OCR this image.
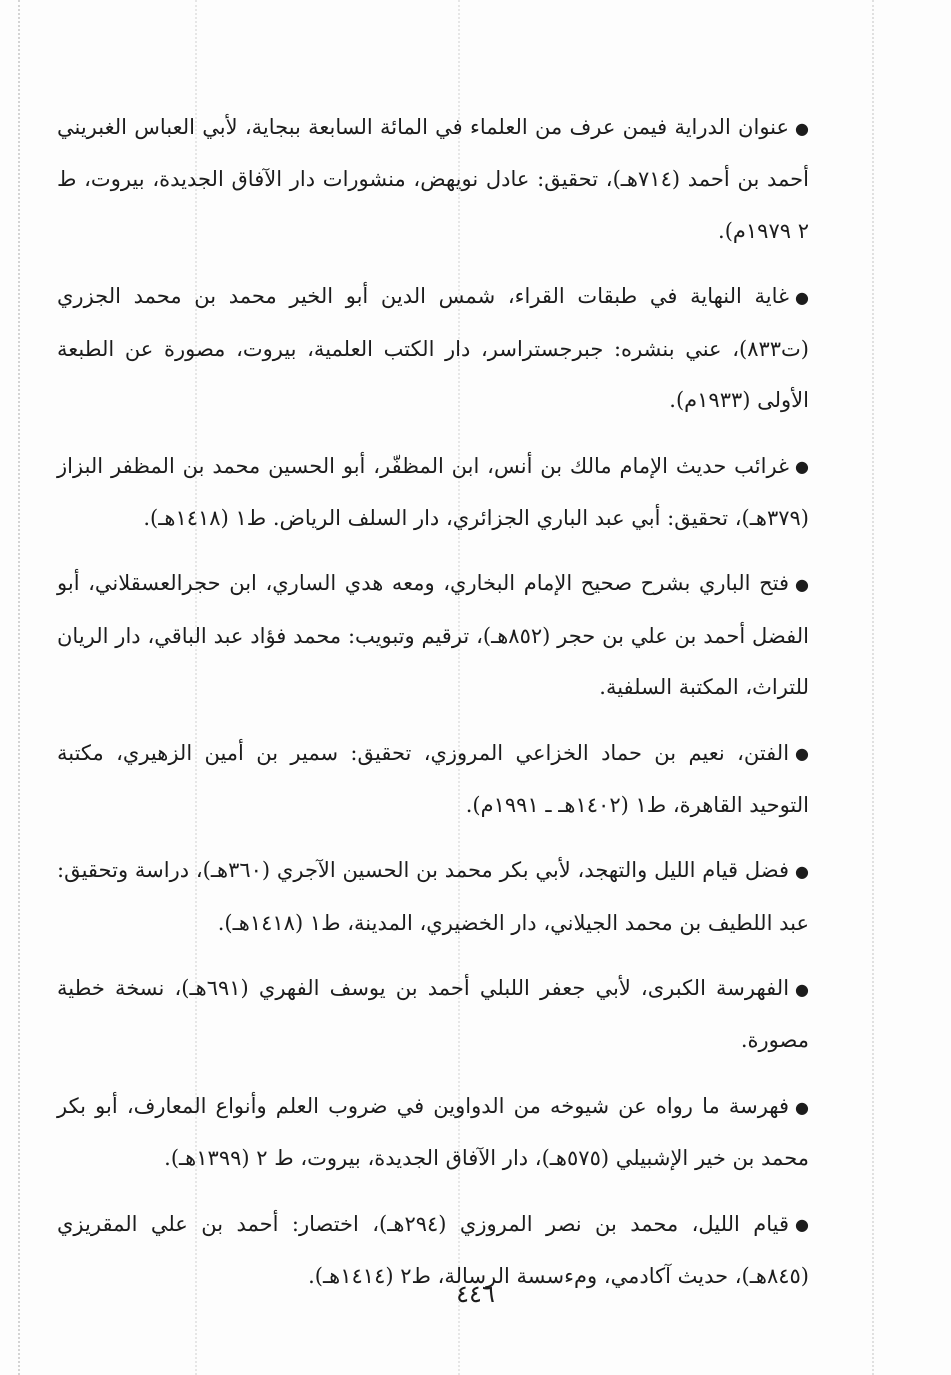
●عنوان الدراية فيمن عرف من العلماء في المائة السابعة ببجاية، لأبي العباس الغبريني أحمد بن أحمد (٧١٤هـ)، تحقيق: عادل نويهض، منشورات دار الآفاق الجديدة، بيروت، ط ٢ ١٩٧٩م).

●غاية النهاية في طبقات القراء، شمس الدين أبو الخير محمد بن محمد الجزري (ت٨٣٣)، عني بنشره: جبرجستراسر، دار الكتب العلمية، بيروت، مصورة عن الطبعة الأولى (١٩٣٣م).

●غرائب حديث الإمام مالك بن أنس، ابن المظفّر، أبو الحسين محمد بن المظفر البزاز (٣٧٩هـ)، تحقيق: أبي عبد الباري الجزائري، دار السلف الرياض. ط١ (١٤١٨هـ).

●فتح الباري بشرح صحيح الإمام البخاري، ومعه هدي الساري، ابن حجرالعسقلاني، أبو الفضل أحمد بن علي بن حجر (٨٥٢هـ)، ترقيم وتبويب: محمد فؤاد عبد الباقي، دار الريان للتراث، المكتبة السلفية.

●الفتن، نعيم بن حماد الخزاعي المروزي، تحقيق: سمير بن أمين الزهيري، مكتبة التوحيد القاهرة، ط١ (١٤٠٢هـ ـ ١٩٩١م).

●فضل قيام الليل والتهجد، لأبي بكر محمد بن الحسين الآجري (٣٦٠هـ)، دراسة وتحقيق: عبد اللطيف بن محمد الجيلاني، دار الخضيري، المدينة، ط١ (١٤١٨هـ).

●الفهرسة الكبرى، لأبي جعفر اللبلي أحمد بن يوسف الفهري (٦٩١هـ)، نسخة خطية مصورة.

●فهرسة ما رواه عن شيوخه من الدواوين في ضروب العلم وأنواع المعارف، أبو بكر محمد بن خير الإشبيلي (٥٧٥هـ)، دار الآفاق الجديدة، بيروت، ط ٢ (١٣٩٩هـ).

●قيام الليل، محمد بن نصر المروزي (٢٩٤هـ)، اختصار: أحمد بن علي المقريزي (٨٤٥هـ)، حديث آكادمي، ومءسسة الرسالة، ط٢ (١٤١٤هـ).

٤٤٦
